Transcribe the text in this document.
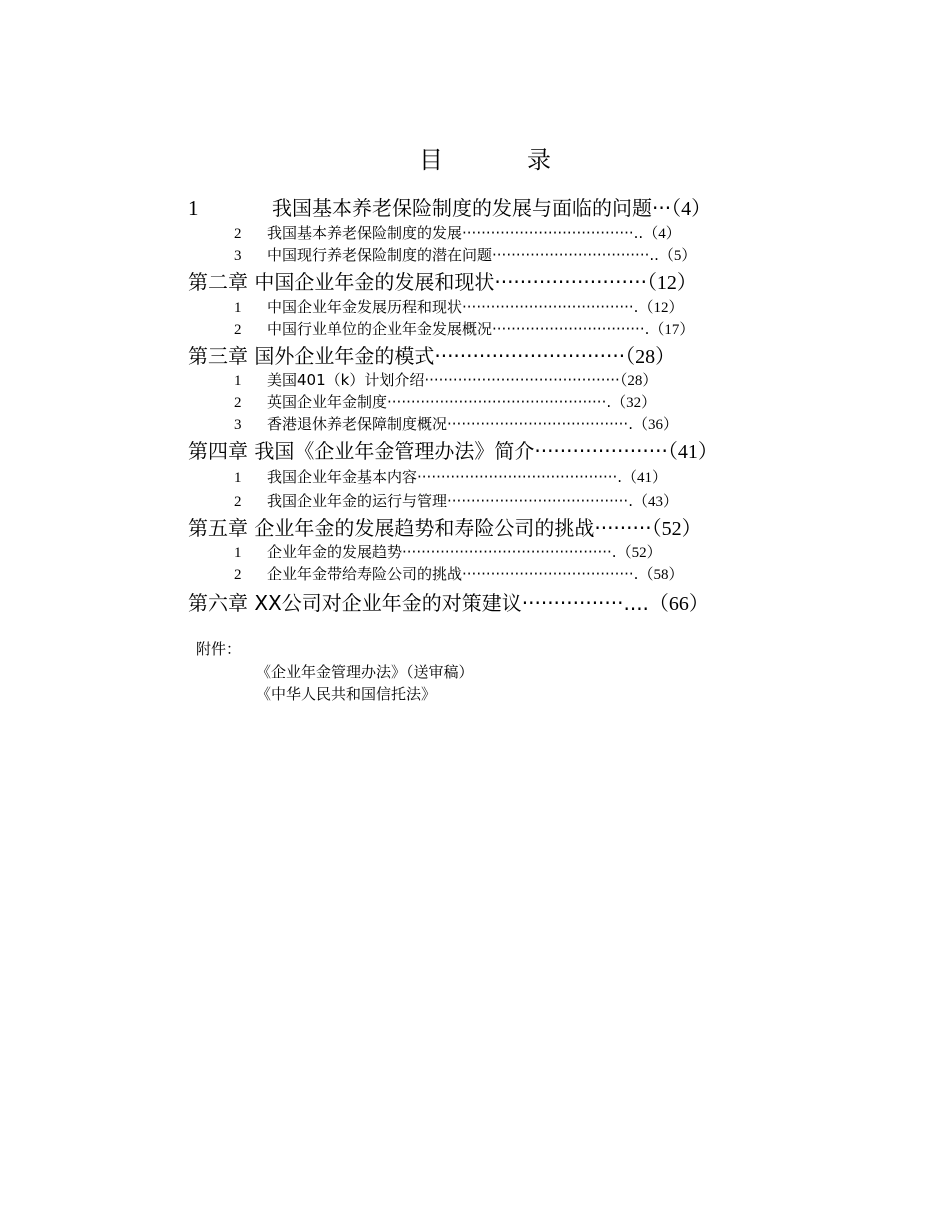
目　录
1	我国基本养老保险制度的发展与面临的问题···（4）
2 我国基本养老保险制度的发展····································..（4）
3 中国现行养老保险制度的潜在问题·································..（5）
第二章 中国企业年金的发展和现状························（12）
1 中国企业年金发展历程和现状····································.（12）
2 中国行业单位的企业年金发展概况································.（17）
第三章 国外企业年金的模式······························（28）
1 美国401（k）计划介绍·········································（28）
2 英国企业年金制度··············································.（32）
3 香港退休养老保障制度概况······································.（36）
第四章 我国《企业年金管理办法》简介·····················（41）
1 我国企业年金基本内容··········································.（41）
2 我国企业年金的运行与管理······································.（43）
第五章 企业年金的发展趋势和寿险公司的挑战·········（52）
1 企业年金的发展趋势············································.（52）
2 企业年金带给寿险公司的挑战····································.（58）
第六章 XX公司对企业年金的对策建议················....（66）
附件：
《企业年金管理办法》（送审稿）
《中华人民共和国信托法》
